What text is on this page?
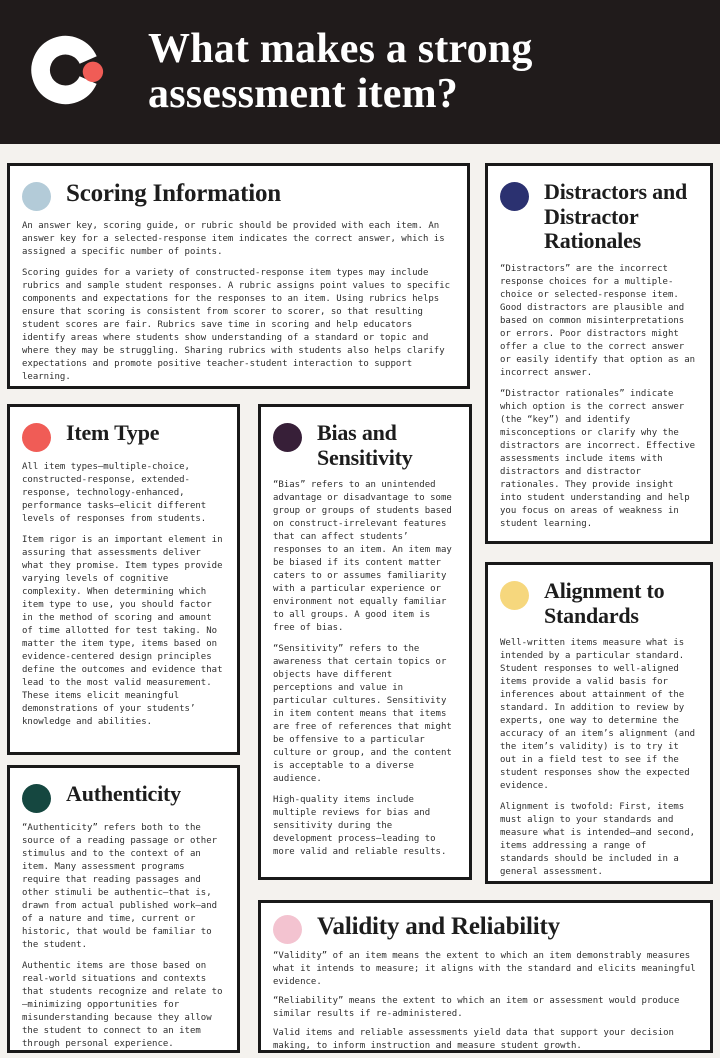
What makes a strong
assessment item?
Scoring Information

An answer key, scoring guide, or rubric should be provided with each item. An answer key for a selected-response item indicates the correct answer, which is assigned a specific number of points.

Scoring guides for a variety of constructed-response item types may include rubrics and sample student responses. A rubric assigns point values to specific components and expectations for the responses to an item. Using rubrics helps ensure that scoring is consistent from scorer to scorer, so that resulting student scores are fair. Rubrics save time in scoring and help educators identify areas where students show understanding of a standard or topic and where they may be struggling. Sharing rubrics with students also helps clarify expectations and promote positive teacher-student interaction to support learning.

Distractors and Distractor Rationales

“Distractors” are the incorrect response choices for a multiple-choice or selected-response item. Good distractors are plausible and based on common misinterpretations or errors. Poor distractors might offer a clue to the correct answer or easily identify that option as an incorrect answer.

“Distractor rationales” indicate which option is the correct answer (the “key”) and identify misconceptions or clarify why the distractors are incorrect. Effective assessments include items with distractors and distractor rationales. They provide insight into student understanding and help you focus on areas of weakness in student learning.

Item Type

All item types—multiple-choice, constructed-response, extended-response, technology-enhanced, performance tasks—elicit different levels of responses from students.

Item rigor is an important element in assuring that assessments deliver what they promise. Item types provide varying levels of cognitive complexity. When determining which item type to use, you should factor in the method of scoring and amount of time allotted for test taking. No matter the item type, items based on evidence-centered design principles define the outcomes and evidence that lead to the most valid measurement. These items elicit meaningful demonstrations of your students’ knowledge and abilities.

Bias and Sensitivity

“Bias” refers to an unintended advantage or disadvantage to some group or groups of students based on construct-irrelevant features that can affect students’ responses to an item. An item may be biased if its content matter caters to or assumes familiarity with a particular experience or environment not equally familiar to all groups. A good item is free of bias.

“Sensitivity” refers to the awareness that certain topics or objects have different perceptions and value in particular cultures. Sensitivity in item content means that items are free of references that might be offensive to a particular culture or group, and the content is acceptable to a diverse audience.

High-quality items include multiple reviews for bias and sensitivity during the development process—leading to more valid and reliable results.

Alignment to Standards

Well-written items measure what is intended by a particular standard. Student responses to well-aligned items provide a valid basis for inferences about attainment of the standard. In addition to review by experts, one way to determine the accuracy of an item’s alignment (and the item’s validity) is to try it out in a field test to see if the student responses show the expected evidence.

Alignment is twofold: First, items must align to your standards and measure what is intended—and second, items addressing a range of standards should be included in a general assessment.

Authenticity

“Authenticity” refers both to the source of a reading passage or other stimulus and to the context of an item. Many assessment programs require that reading passages and other stimuli be authentic—that is, drawn from actual published work—and of a nature and time, current or historic, that would be familiar to the student.

Authentic items are those based on real-world situations and contexts that students recognize and relate to—minimizing opportunities for misunderstanding because they allow the student to connect to an item through personal experience.

Validity and Reliability

“Validity” of an item means the extent to which an item demonstrably measures what it intends to measure; it aligns with the standard and elicits meaningful evidence.

“Reliability” means the extent to which an item or assessment would produce similar results if re-administered.

Valid items and reliable assessments yield data that support your decision making, to inform instruction and measure student growth.
